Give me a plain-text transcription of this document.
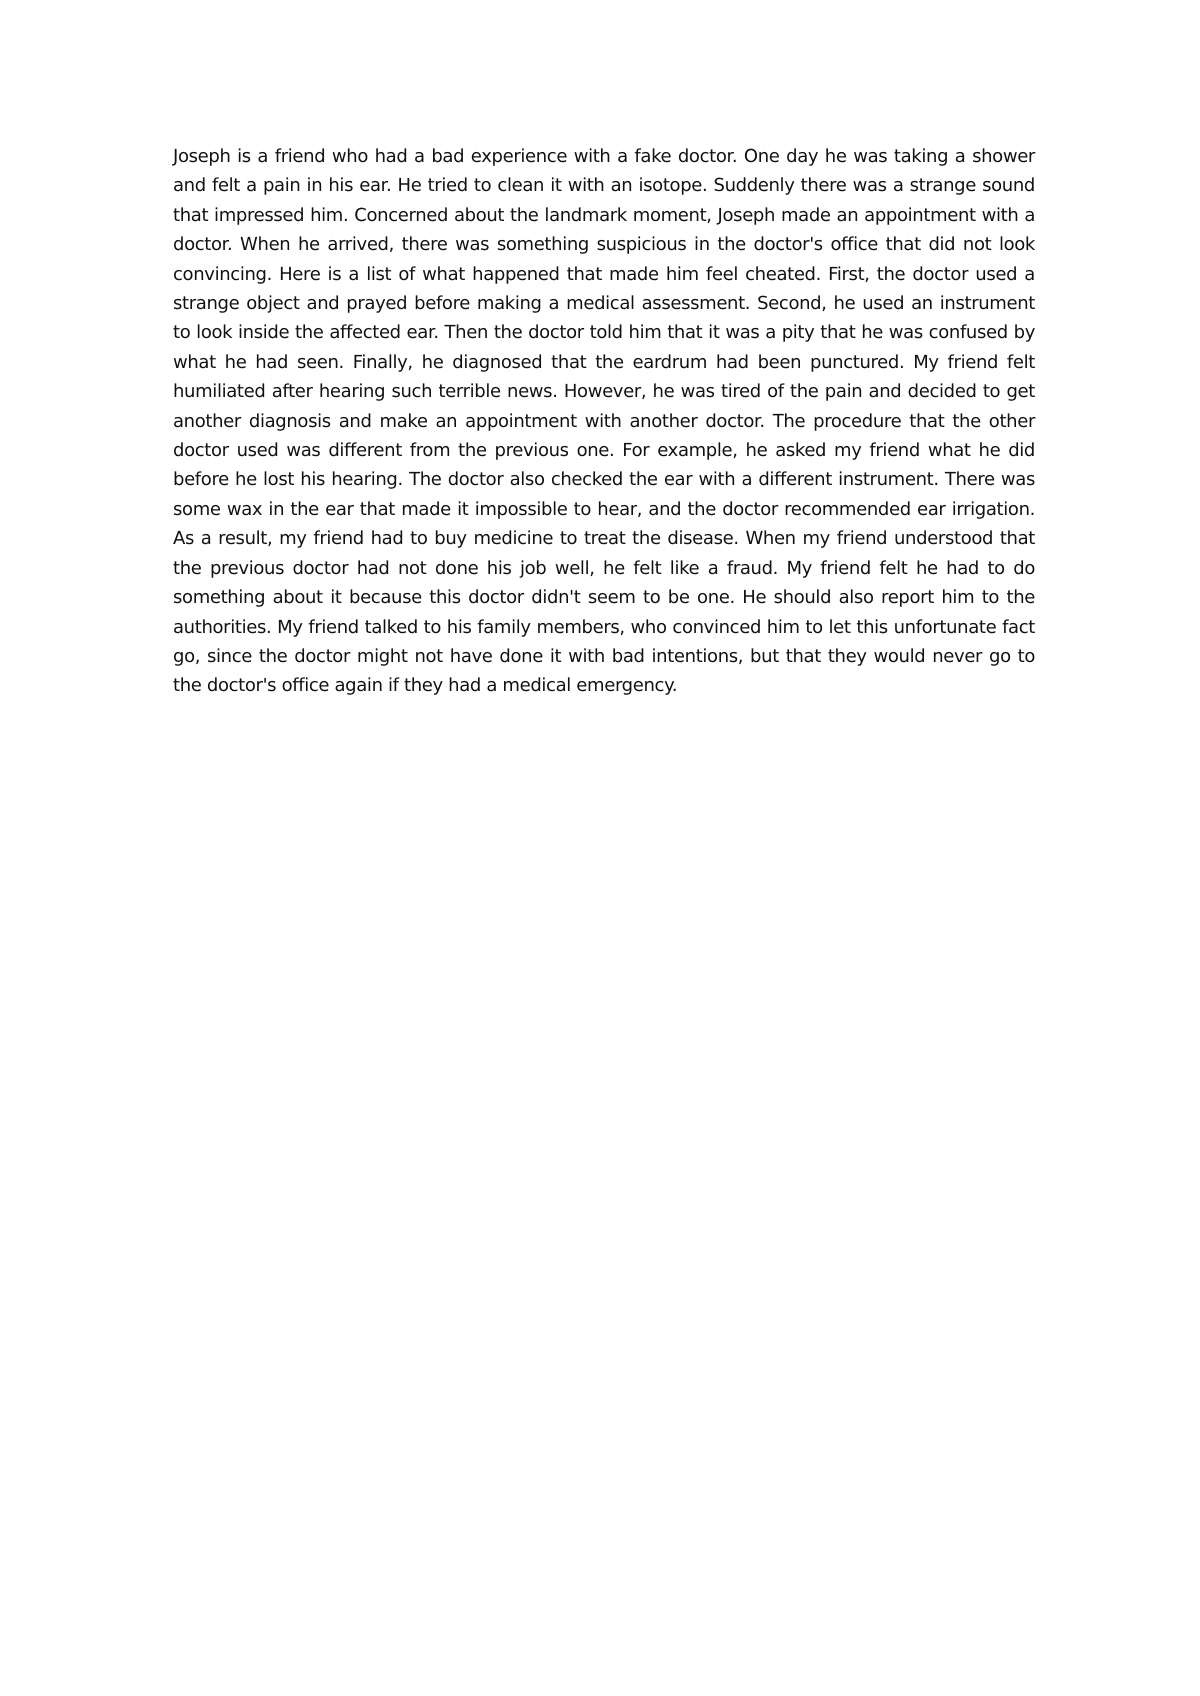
Joseph is a friend who had a bad experience with a fake doctor. One day he was taking a shower and felt a pain in his ear. He tried to clean it with an isotope. Suddenly there was a strange sound that impressed him. Concerned about the landmark moment, Joseph made an appointment with a doctor. When he arrived, there was something suspicious in the doctor's office that did not look convincing. Here is a list of what happened that made him feel cheated. First, the doctor used a strange object and prayed before making a medical assessment. Second, he used an instrument to look inside the affected ear. Then the doctor told him that it was a pity that he was confused by what he had seen. Finally, he diagnosed that the eardrum had been punctured. My friend felt humiliated after hearing such terrible news. However, he was tired of the pain and decided to get another diagnosis and make an appointment with another doctor. The procedure that the other doctor used was different from the previous one. For example, he asked my friend what he did before he lost his hearing. The doctor also checked the ear with a different instrument. There was some wax in the ear that made it impossible to hear, and the doctor recommended ear irrigation. As a result, my friend had to buy medicine to treat the disease. When my friend understood that the previous doctor had not done his job well, he felt like a fraud. My friend felt he had to do something about it because this doctor didn't seem to be one. He should also report him to the authorities. My friend talked to his family members, who convinced him to let this unfortunate fact go, since the doctor might not have done it with bad intentions, but that they would never go to the doctor's office again if they had a medical emergency.
